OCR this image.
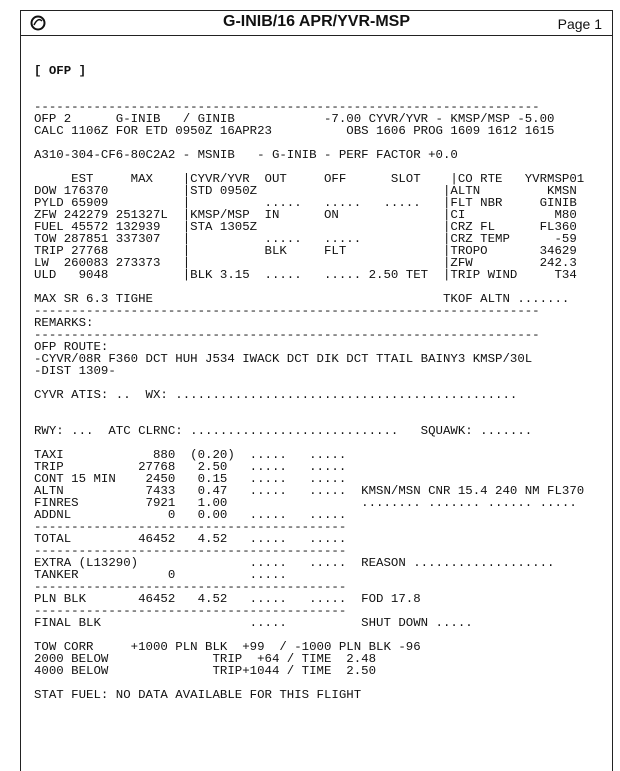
G-INIB/16 APR/YVR-MSP	Page 1

[ OFP ]

--------------------------------------------------------------------
OFP 2      G-INIB   / GINIB            -7.00 CYVR/YVR - KMSP/MSP -5.00
CALC 1106Z FOR ETD 0950Z 16APR23          OBS 1606 PROG 1609 1612 1615
A310-304-CF6-80C2A2 - MSNIB   - G-INIB - PERF FACTOR +0.0
EST     MAX    |CYVR/YVR  OUT     OFF      SLOT    |CO RTE   YVRMSP01
DOW 176370          |STD 0950Z                         |ALTN         KMSN
PYLD 65909          |          .....   .....   .....   |FLT NBR     GINIB
ZFW 242279 251327L  |KMSP/MSP  IN      ON              |CI            M80
FUEL 45572 132939   |STA 1305Z                         |CRZ FL      FL360
TOW 287851 337307   |          .....   .....           |CRZ TEMP      -59
TRIP 27768          |          BLK     FLT             |TROPO       34629
LW  260083 273373   |                                  |ZFW         242.3
ULD   9048          |BLK 3.15  .....   ..... 2.50 TET  |TRIP WIND     T34
MAX SR 6.3 TIGHE                                       TKOF ALTN .......
--------------------------------------------------------------------
REMARKS:
--------------------------------------------------------------------
OFP ROUTE:
-CYVR/08R F360 DCT HUH J534 IWACK DCT DIK DCT TTAIL BAINY3 KMSP/30L
-DIST 1309-
CYVR ATIS: ..  WX: ..............................................
RWY: ...  ATC CLRNC: ............................   SQUAWK: .......
TAXI            880  (0.20)  .....   .....
TRIP          27768   2.50   .....   .....
CONT 15 MIN    2450   0.15   .....   .....
ALTN           7433   0.47   .....   .....  KMSN/MSN CNR 15.4 240 NM FL370
FINRES         7921   1.00                  ........ ....... ...... .....
ADDNL             0   0.00   .....   .....
------------------------------------------
TOTAL         46452   4.52   .....   .....
------------------------------------------
EXTRA (L13290)               .....   .....  REASON ...................
TANKER            0          .....
------------------------------------------
PLN BLK       46452   4.52   .....   .....  FOD 17.8
------------------------------------------
FINAL BLK                    .....          SHUT DOWN .....
TOW CORR     +1000 PLN BLK  +99  / -1000 PLN BLK -96
2000 BELOW              TRIP  +64 / TIME  2.48
4000 BELOW              TRIP+1044 / TIME  2.50
STAT FUEL: NO DATA AVAILABLE FOR THIS FLIGHT
